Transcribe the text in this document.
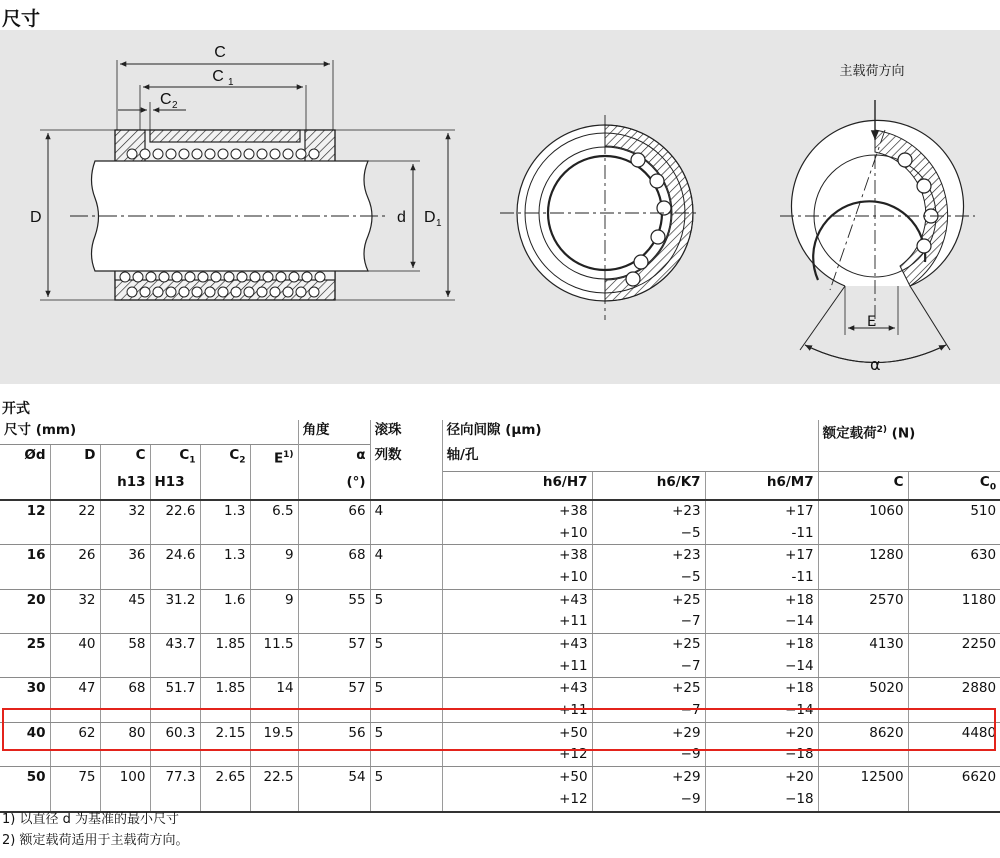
尺寸
C
C 1
C 2
D	d D 1
主载荷方向
E
α
开式
尺寸 (mm)						角度	滚珠	径向间隙 (µm)			额定载荷$^{2)}$ (N)	
Ød	D	C	$C_1$	$C_2$	$E^{1)}$	α	列数	轴/孔				
		h13	H13			(°)		h6/H7	h6/K7	h6/M7	C	$C_0$
12	22	32	22.6	1.3	6.5	66	4	+38	+23	+17	1060	510
								+10	−5	-11		
16	26	36	24.6	1.3	9	68	4	+38	+23	+17	1280	630
								+10	−5	-11		
20	32	45	31.2	1.6	9	55	5	+43	+25	+18	2570	1180
								+11	−7	−14		
25	40	58	43.7	1.85	11.5	57	5	+43	+25	+18	4130	2250
								+11	−7	−14		
30	47	68	51.7	1.85	14	57	5	+43	+25	+18	5020	2880
								+11	−7	−14		
40	62	80	60.3	2.15	19.5	56	5	+50	+29	+20	8620	4480
								+12	−9	−18		
50	75	100	77.3	2.65	22.5	54	5	+50	+29	+20	12500	6620
								+12	−9	−18		
1) 以直径 d 为基准的最小尺寸
2) 额定载荷适用于主载荷方向。
